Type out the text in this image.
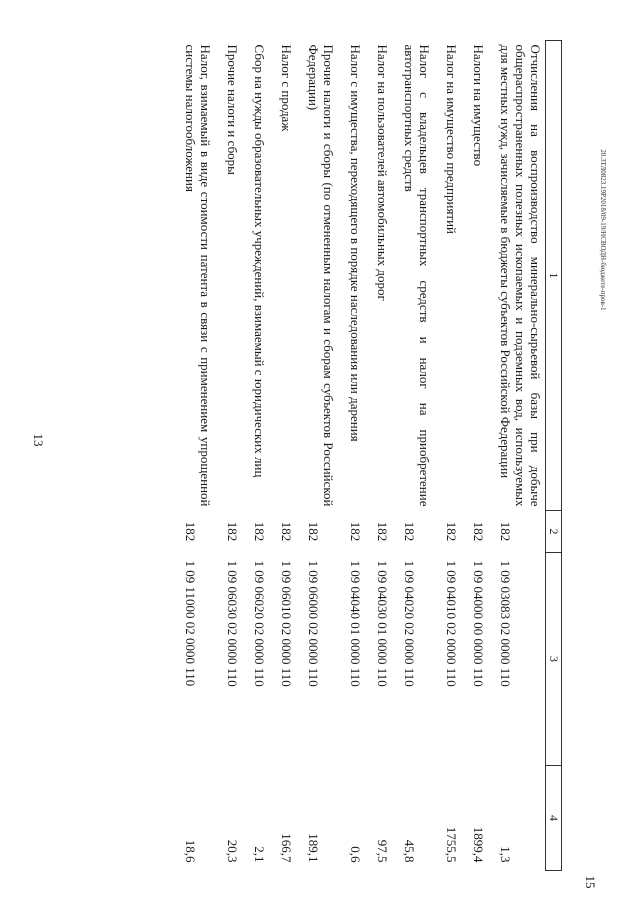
13
20.3ТЛ0823.19Р2018/09-19/НСВОДН-бюджете-пров-1
15
1	2	3	4
Отчисления на воспроизводство минерально-сырьевой базы при добыче общераспространенных полезных ископаемых и подземных вод, используемых для местных нужд, зачисляемые в бюджеты субъектов Российской Федерации	182	1 09 03083 02 0000 110	1,3
Налоги на имущество	182	1 09 04000 00 0000 110	1899,4
Налог на имущество предприятий	182	1 09 04010 02 0000 110	1755,5
Налог с владельцев транспортных средств и налог на приобретение автотранспортных средств	182	1 09 04020 02 0000 110	45,8
Налог на пользователей автомобильных дорог	182	1 09 04030 01 0000 110	97,5
Налог с имущества, переходящего в порядке наследования или дарения	182	1 09 04040 01 0000 110	0,6
Прочие налоги и сборы (по отмененным налогам и сборам субъектов Российской Федерации)	182	1 09 06000 02 0000 110	189,1
Налог с продаж	182	1 09 06010 02 0000 110	166,7
Сбор на нужды образовательных учреждений, взимаемый с юридических лиц	182	1 09 06020 02 0000 110	2,1
Прочие налоги и сборы	182	1 09 06030 02 0000 110	20,3
Налог, взимаемый в виде стоимости патента в связи с применением упрощенной системы налогообложения	182	1 09 11000 02 0000 110	18,6
